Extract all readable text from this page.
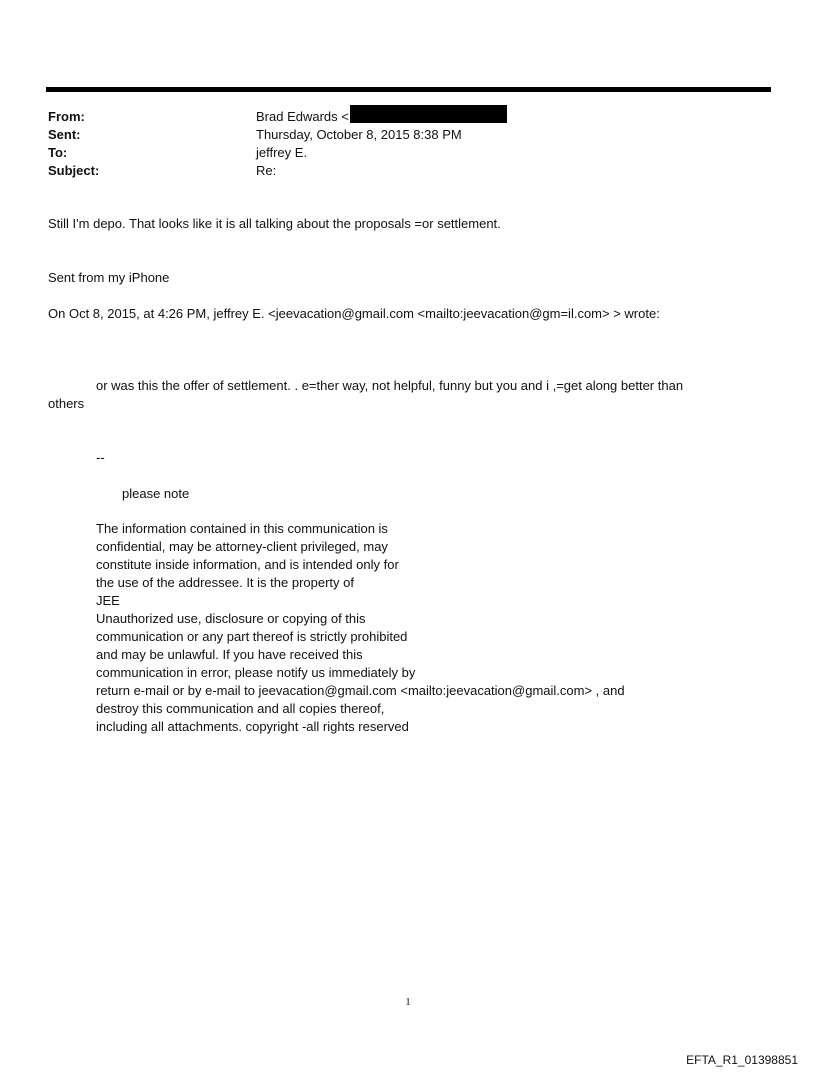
From:	Brad Edwards <
Sent:	Thursday, October 8, 2015 8:38 PM
To:	jeffrey E.
Subject:	Re:
Still I'm depo. That looks like it is all talking about the proposals =or settlement.
Sent from my iPhone
On Oct 8, 2015, at 4:26 PM, jeffrey E. <jeevacation@gmail.com <mailto:jeevacation@gm=il.com> > wrote:
or was this the offer of settlement. . e=ther way, not helpful, funny but you and i ,=get along better than
others
--
please note
The information contained in this communication is
confidential, may be attorney-client privileged, may
constitute inside information, and is intended only for
the use of the addressee. It is the property of
JEE
Unauthorized use, disclosure or copying of this
communication or any part thereof is strictly prohibited
and may be unlawful. If you have received this
communication in error, please notify us immediately by
return e-mail or by e-mail to jeevacation@gmail.com <mailto:jeevacation@gmail.com> , and
destroy this communication and all copies thereof,
including all attachments. copyright -all rights reserved
1
EFTA_R1_01398851
